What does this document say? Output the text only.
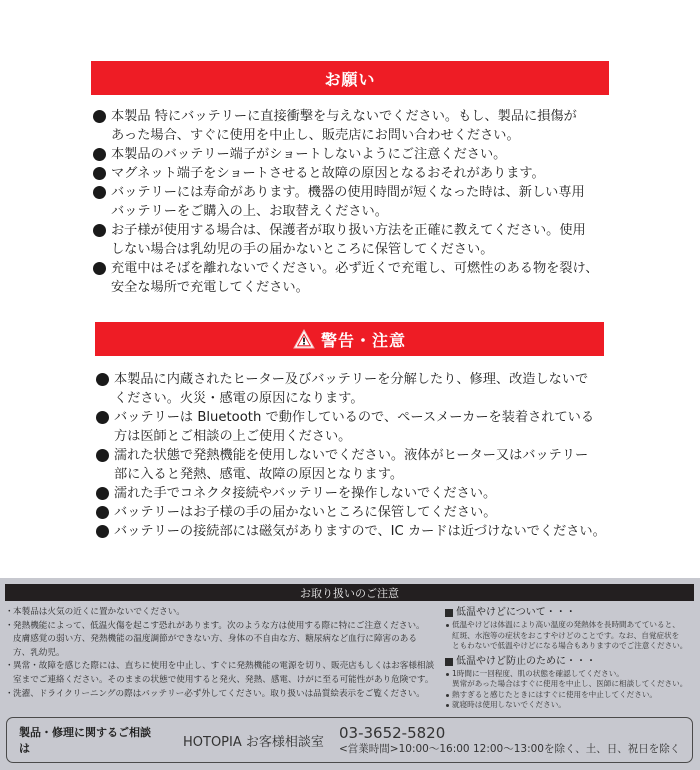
お願い
本製品 特にバッテリーに直接衝撃を与えないでください。もし、製品に損傷が
あった場合、すぐに使用を中止し、販売店にお問い合わせください。
本製品のバッテリー端子がショートしないようにご注意ください。
マグネット端子をショートさせると故障の原因となるおそれがあります。
バッテリーには寿命があります。機器の使用時間が短くなった時は、新しい専用
バッテリーをご購入の上、お取替えください。
お子様が使用する場合は、保護者が取り扱い方法を正確に教えてください。使用
しない場合は乳幼児の手の届かないところに保管してください。
充電中はそばを離れないでください。必ず近くで充電し、可燃性のある物を裂け、
安全な場所で充電してください。
警告・注意
本製品に内蔵されたヒーター及びバッテリーを分解したり、修理、改造しないで
ください。火災・感電の原因になります。
バッテリーは Bluetooth で動作しているので、ペースメーカーを装着されている
方は医師とご相談の上ご使用ください。
濡れた状態で発熱機能を使用しないでください。液体がヒーター又はバッテリー
部に入ると発熱、感電、故障の原因となります。
濡れた手でコネクタ接続やバッテリーを操作しないでください。
バッテリーはお子様の手の届かないところに保管してください。
バッテリーの接続部には磁気がありますので、IC カードは近づけないでください。
お取り扱いのご注意
・ 本製品は火気の近くに置かないでください。
・ 発熱機能によって、低温火傷を起こす恐れがあります。次のような方は使用する際に特にご注意ください。
皮膚感覚の弱い方、発熱機能の温度調節ができない方、身体の不自由な方、糖尿病など血行に障害のある
方、乳幼児。
・ 異常・故障を感じた際には、直ちに使用を中止し、すぐに発熱機能の電源を切り、販売店もしくはお客様相談
室までご連絡ください。そのままの状態で使用すると発火、発熱、感電、けがに至る可能性があり危険です。
・ 洗濯、ドライクリーニングの際はバッテリー必ず外してください。取り扱いは品質絵表示をご覧ください。
低温やけどについて・・・
低温やけどは体温により高い温度の発熱体を長時間あてていると、
紅斑、水泡等の症状をおこすやけどのことです。なお、自覚症状を
ともわないで低温やけどになる場合もありますのでご注意ください。
低温やけど防止のために・・・
1時間に一回程度、肌の状態を確認してください。
異常があった場合はすぐに使用を中止し、医師に相談してください。
熱すぎると感じたときにはすぐに使用を中止してください。
就寝時は使用しないでください。
製品・修理に関するご相談は	HOTOPIA お客様相談室	03-3652-5820
<営業時間>10:00〜16:00 12:00〜13:00を除く、土、日、祝日を除く
